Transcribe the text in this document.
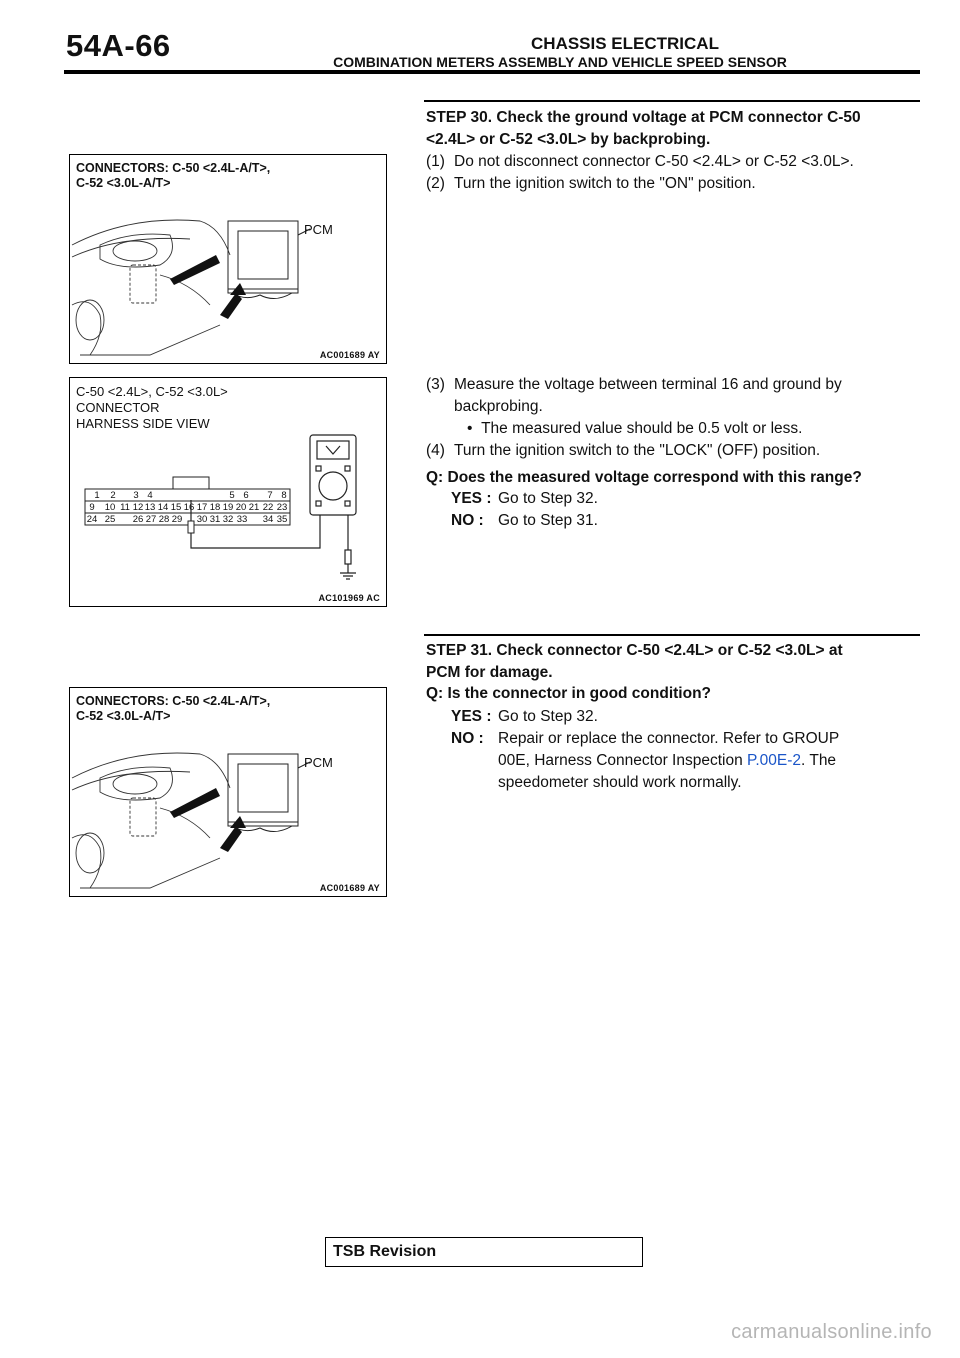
54A-66	CHASSIS ELECTRICAL
COMBINATION METERS ASSEMBLY AND VEHICLE SPEED SENSOR
CONNECTORS: C-50 <2.4L-A/T>,
C-52 <3.0L-A/T>
PCM
AC001689 AY
C-50 <2.4L>, C-52 <3.0L>
CONNECTOR
HARNESS SIDE VIEW
1 2 3 4	5 6 7 8
9 10 11 12 13 14 15 16 17 18 19 20 21 22 23
24 25 26 27 28 29 30 31 32 33 34 35
AC101969 AC
CONNECTORS: C-50 <2.4L-A/T>,
C-52 <3.0L-A/T>
PCM
AC001689 AY
STEP 30. Check the ground voltage at PCM connector C-50
<2.4L> or C-52 <3.0L> by backprobing.
(1) Do not disconnect connector C-50 <2.4L> or C-52 <3.0L>.
(2) Turn the ignition switch to the "ON" position.
(3) Measure the voltage between terminal 16 and ground by
backprobing.
• The measured value should be 0.5 volt or less.
(4) Turn the ignition switch to the "LOCK" (OFF) position.
Q: Does the measured voltage correspond with this range?
YES : Go to Step 32.
NO : Go to Step 31.
STEP 31. Check connector C-50 <2.4L> or C-52 <3.0L> at
PCM for damage.
Q: Is the connector in good condition?
YES : Go to Step 32.
NO : Repair or replace the connector. Refer to GROUP
00E, Harness Connector Inspection P.00E-2. The
speedometer should work normally.
TSB Revision
carmanualsonline.info
